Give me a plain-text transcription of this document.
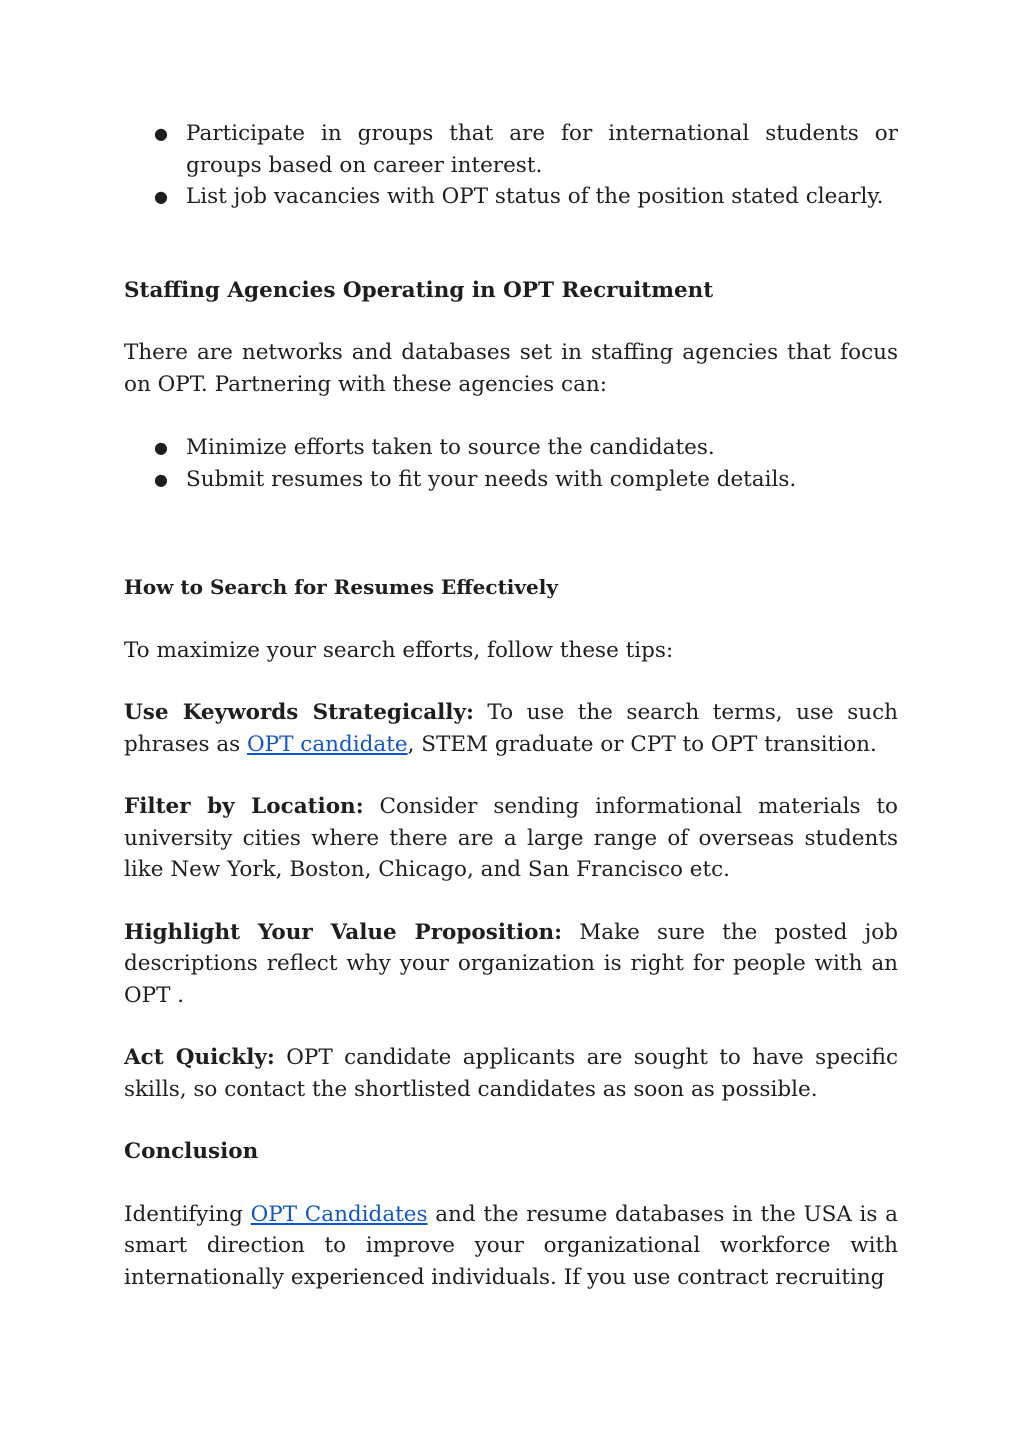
● Participate in groups that are for international students or groups based on career interest.
● List job vacancies with OPT status of the position stated clearly.

Staffing Agencies Operating in OPT Recruitment

There are networks and databases set in staffing agencies that focus on OPT. Partnering with these agencies can:

● Minimize efforts taken to source the candidates.
● Submit resumes to fit your needs with complete details.

How to Search for Resumes Effectively

To maximize your search efforts, follow these tips:

Use Keywords Strategically: To use the search terms, use such phrases as OPT candidate, STEM graduate or CPT to OPT transition.

Filter by Location: Consider sending informational materials to university cities where there are a large range of overseas students like New York, Boston, Chicago, and San Francisco etc.

Highlight Your Value Proposition: Make sure the posted job descriptions reflect why your organization is right for people with an OPT .

Act Quickly: OPT candidate applicants are sought to have specific skills, so contact the shortlisted candidates as soon as possible.

Conclusion

Identifying OPT Candidates and the resume databases in the USA is a smart direction to improve your organizational workforce with internationally experienced individuals. If you use contract recruiting
